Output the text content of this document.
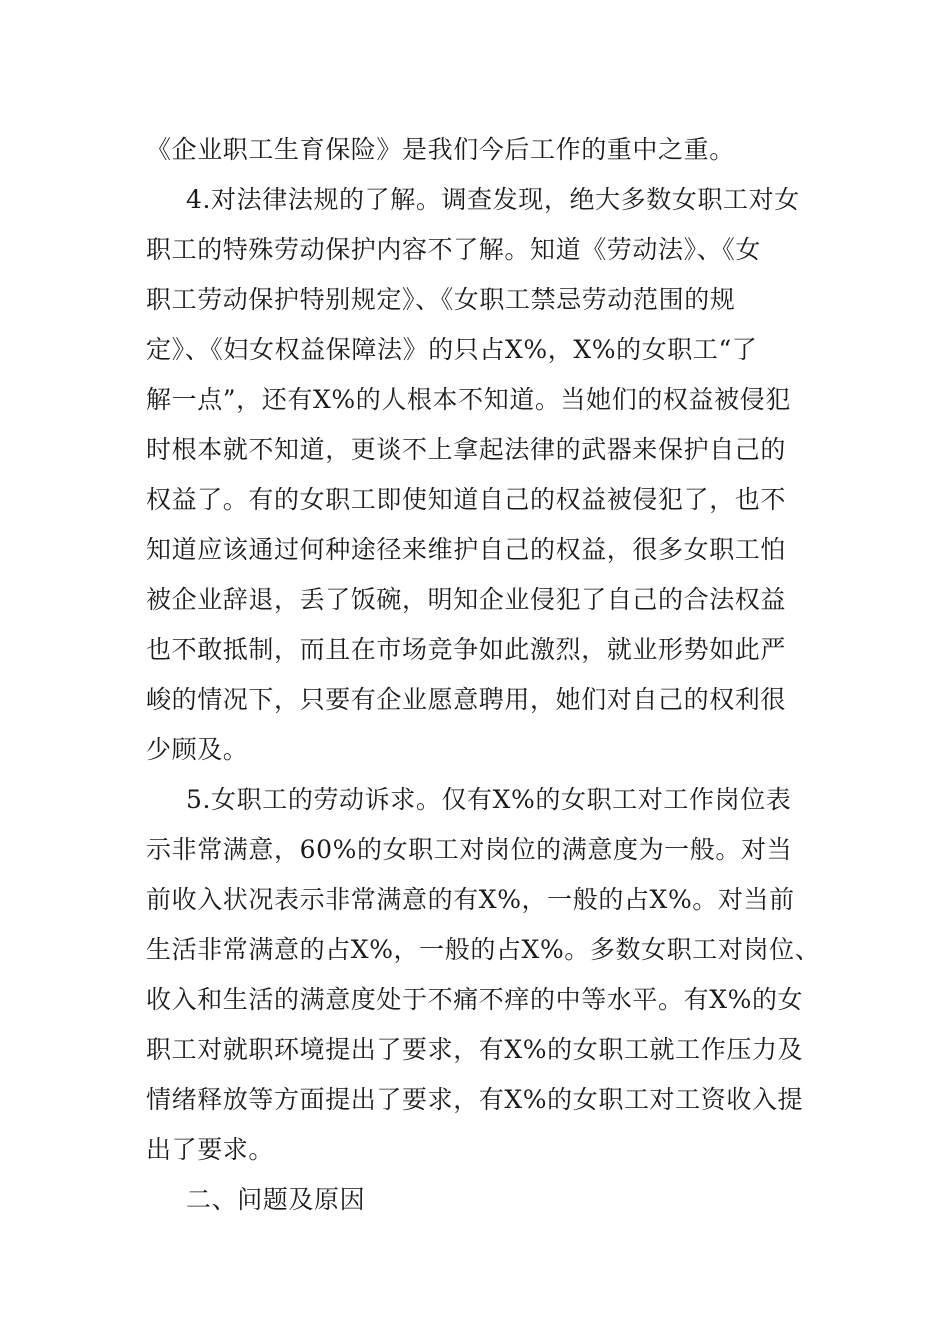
《企业职工生育保险》是我们今后工作的重中之重。

4.对法律法规的了解。调查发现，绝大多数女职工对女

职工的特殊劳动保护内容不了解。知道《劳动法》、《女

职工劳动保护特别规定》、《女职工禁忌劳动范围的规

定》、《妇女权益保障法》的只占X%，X%的女职工“了

解一点”，还有X%的人根本不知道。当她们的权益被侵犯

时根本就不知道，更谈不上拿起法律的武器来保护自己的

权益了。有的女职工即使知道自己的权益被侵犯了，也不

知道应该通过何种途径来维护自己的权益，很多女职工怕

被企业辞退，丢了饭碗，明知企业侵犯了自己的合法权益

也不敢抵制，而且在市场竞争如此激烈，就业形势如此严

峻的情况下，只要有企业愿意聘用，她们对自己的权利很

少顾及。

5.女职工的劳动诉求。仅有X%的女职工对工作岗位表

示非常满意，60%的女职工对岗位的满意度为一般。对当

前收入状况表示非常满意的有X%，一般的占X%。对当前

生活非常满意的占X%，一般的占X%。多数女职工对岗位、

收入和生活的满意度处于不痛不痒的中等水平。有X%的女

职工对就职环境提出了要求，有X%的女职工就工作压力及

情绪释放等方面提出了要求，有X%的女职工对工资收入提

出了要求。

二、问题及原因
